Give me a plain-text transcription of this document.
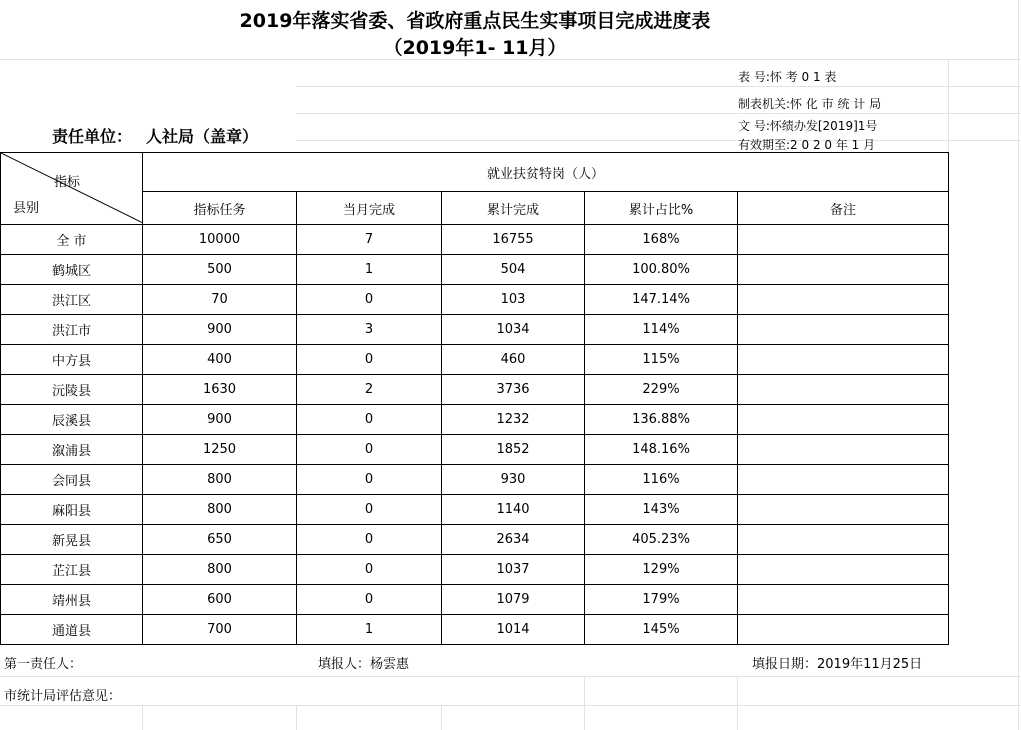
2019年落实省委、省政府重点民生实事项目完成进度表
（2019年1- 11月）
表 号:怀 考 0 1 表
制表机关:怀 化 市 统 计 局
文 号:怀绩办发[2019]1号
有效期至:2 0 2 0 年 1 月
责任单位： 人社局（盖章）
指标
县别	就业扶贫特岗（人）				
	指标任务	当月完成	累计完成	累计占比%	备注
全 市	10000	7	16755	168%	
鹤城区	500	1	504	100.80%	
洪江区	70	0	103	147.14%	
洪江市	900	3	1034	114%	
中方县	400	0	460	115%	
沅陵县	1630	2	3736	229%	
辰溪县	900	0	1232	136.88%	
溆浦县	1250	0	1852	148.16%	
会同县	800	0	930	116%	
麻阳县	800	0	1140	143%	
新晃县	650	0	2634	405.23%	
芷江县	800	0	1037	129%	
靖州县	600	0	1079	179%	
通道县	700	1	1014	145%	
第一责任人：	填报人：杨雲惠	填报日期：2019年11月25日
市统计局评估意见：
